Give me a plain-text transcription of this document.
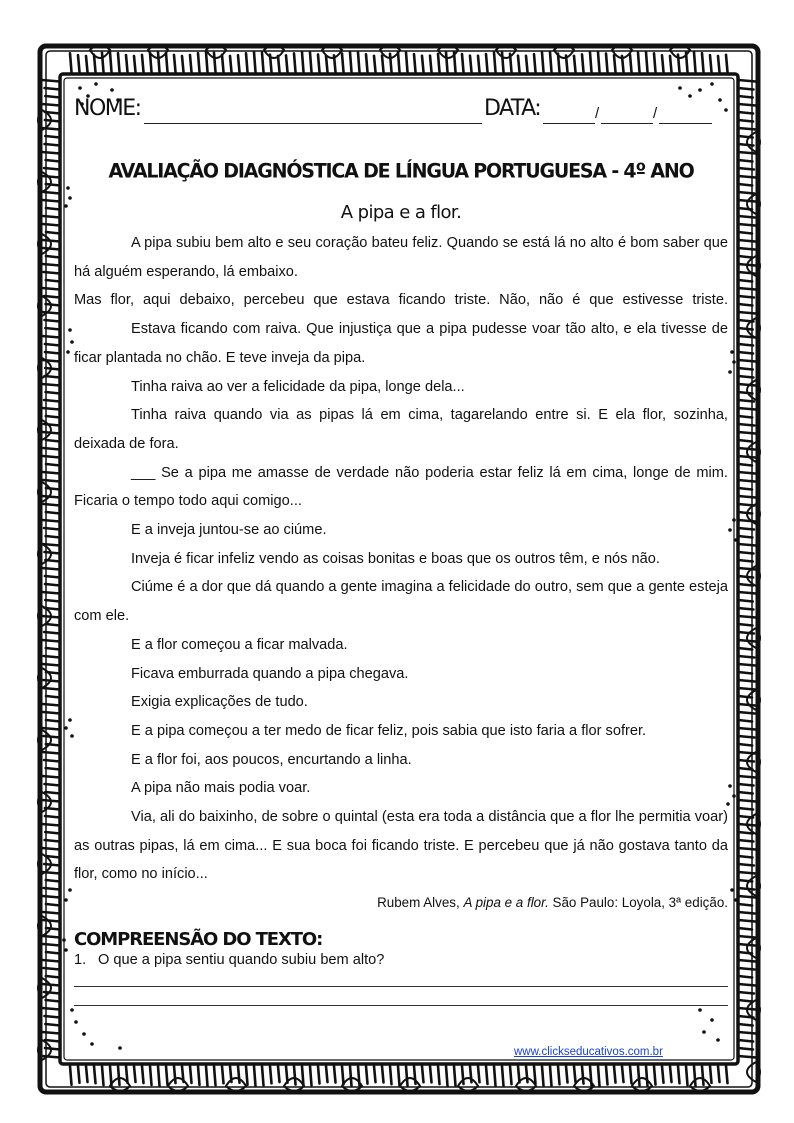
NOME:	DATA:	/	/
AVALIAÇÃO DIAGNÓSTICA DE LÍNGUA PORTUGUESA - 4º ANO
A pipa e a flor.

A pipa subiu bem alto e seu coração bateu feliz. Quando se está lá no alto é bom saber que há alguém esperando, lá embaixo.

Mas flor, aqui debaixo, percebeu que estava ficando triste. Não, não é que estivesse triste.

Estava ficando com raiva. Que injustiça que a pipa pudesse voar tão alto, e ela tivesse de ficar plantada no chão. E teve inveja da pipa.

Tinha raiva ao ver a felicidade da pipa, longe dela...

Tinha raiva quando via as pipas lá em cima, tagarelando entre si. E ela flor, sozinha, deixada de fora.

___ Se a pipa me amasse de verdade não poderia estar feliz lá em cima, longe de mim. Ficaria o tempo todo aqui comigo...

E a inveja juntou-se ao ciúme.

Inveja é ficar infeliz vendo as coisas bonitas e boas que os outros têm, e nós não.

Ciúme é a dor que dá quando a gente imagina a felicidade do outro, sem que a gente esteja com ele.

E a flor começou a ficar malvada.

Ficava emburrada quando a pipa chegava.

Exigia explicações de tudo.

E a pipa começou a ter medo de ficar feliz, pois sabia que isto faria a flor sofrer.

E a flor foi, aos poucos, encurtando a linha.

A pipa não mais podia voar.

Via, ali do baixinho, de sobre o quintal (esta era toda a distância que a flor lhe permitia voar) as outras pipas, lá em cima... E sua boca foi ficando triste. E percebeu que já não gostava tanto da flor, como no início...

Rubem Alves, A pipa e a flor. São Paulo: Loyola, 3ª edição.
COMPREENSÃO DO TEXTO:
1. O que a pipa sentiu quando subiu bem alto?
www.clickseducativos.com.br
